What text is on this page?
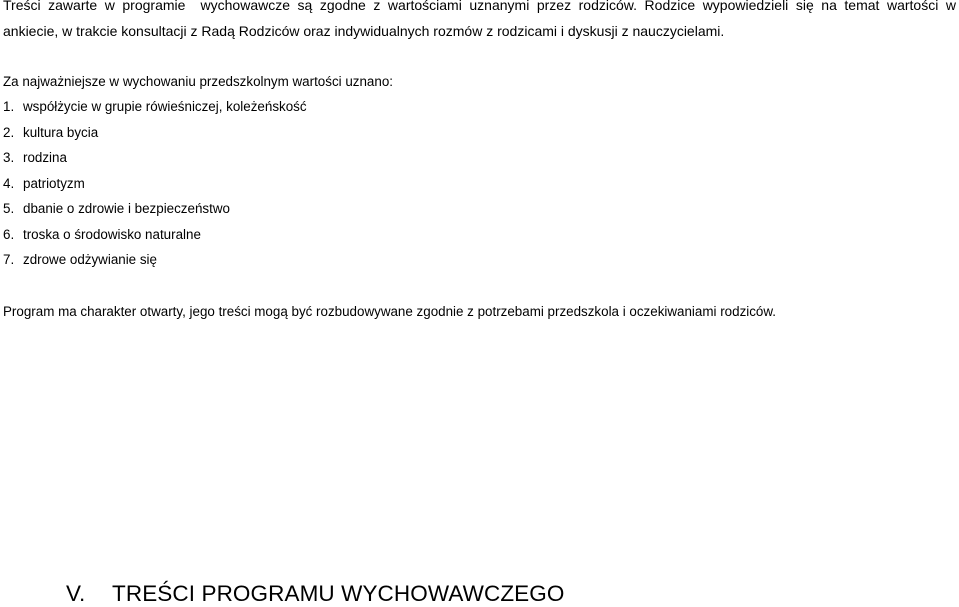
Treści zawarte w programie  wychowawcze są zgodne z wartościami uznanymi przez rodziców. Rodzice wypowiedzieli się na temat wartości w
ankiecie, w trakcie konsultacji z Radą Rodziców oraz indywidualnych rozmów z rodzicami i dyskusji z nauczycielami.
Za najważniejsze w wychowaniu przedszkolnym wartości uznano:
1. współżycie w grupie rówieśniczej, koleżeńskość
2. kultura bycia
3. rodzina
4. patriotyzm
5. dbanie o zdrowie i bezpieczeństwo
6. troska o środowisko naturalne
7. zdrowe odżywianie się
Program ma charakter otwarty, jego treści mogą być rozbudowywane zgodnie z potrzebami przedszkola i oczekiwaniami rodziców.
V. TREŚCI PROGRAMU WYCHOWAWCZEGO
